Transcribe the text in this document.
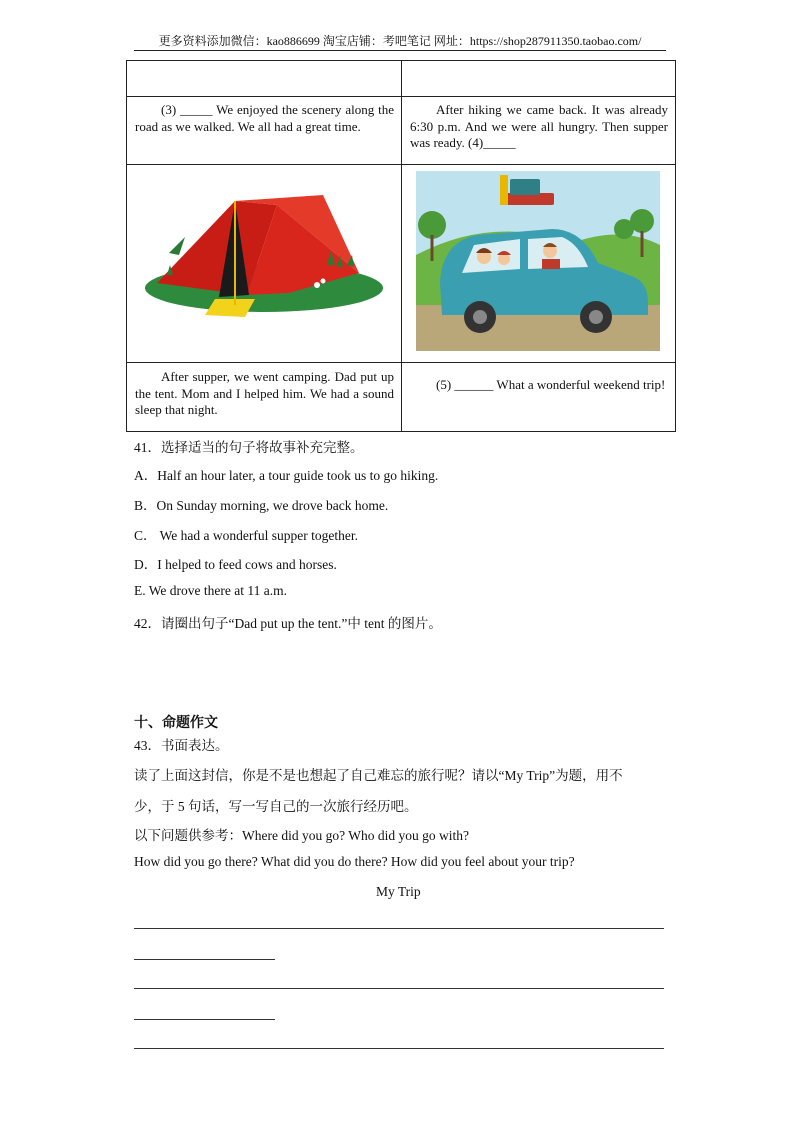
更多资料添加微信：kao886699 淘宝店铺：考吧笔记 网址：https://shop287911350.taobao.com/

(3) _____ We enjoyed the scenery along the road as we walked. We all had a great time.	After hiking we came back. It was already 6:30 p.m. And we were all hungry. Then supper was ready. (4)_____

After supper, we went camping. Dad put up the tent. Mom and I helped him. We had a sound sleep that night.	(5) ______ What a wonderful weekend trip!
41．选择适当的句子将故事补充完整。
A．Half an hour later, a tour guide took us to go hiking.
B．On Sunday morning, we drove back home.
C． We had a wonderful supper together.
D．I helped to feed cows and horses.
E. We drove there at 11 a.m.
42．请圈出句子“Dad put up the tent.”中 tent 的图片。
十、命题作文
43．书面表达。
读了上面这封信，你是不是也想起了自己难忘的旅行呢？请以“My Trip”为题，用不
少，于 5 句话，写一写自己的一次旅行经历吧。
以下问题供参考：Where did you go? Who did you go with?
How did you go there? What did you do there? How did you feel about your trip?
My Trip
